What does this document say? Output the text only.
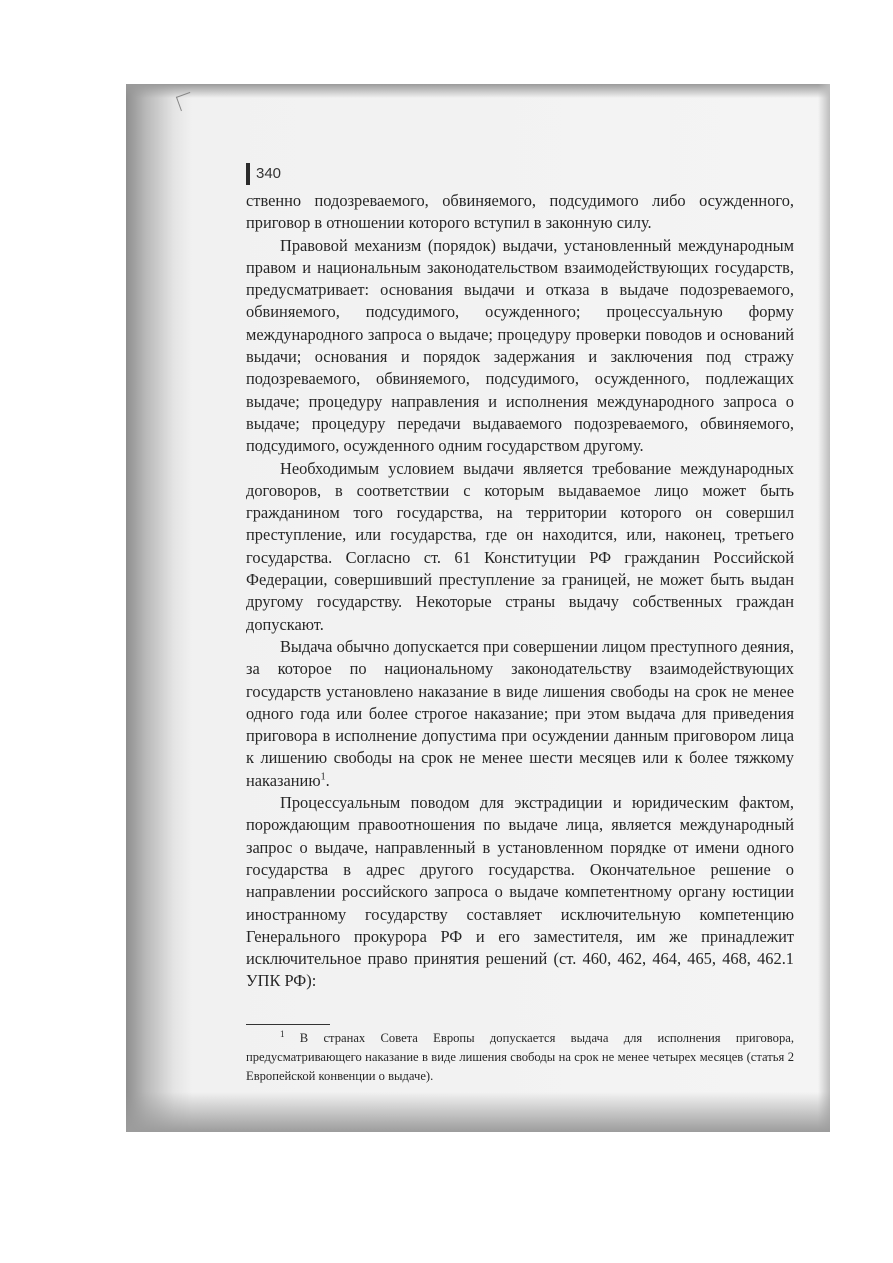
340

ственно подозреваемого, обвиняемого, подсудимого либо осужденного, приговор в отношении которого вступил в законную силу.

Правовой механизм (порядок) выдачи, установленный международным правом и национальным законодательством взаимодействующих государств, предусматривает: основания выдачи и отказа в выдаче подозреваемого, обвиняемого, подсудимого, осужденного; процессуальную форму международного запроса о выдаче; процедуру проверки поводов и оснований выдачи; основания и порядок задержания и заключения под стражу подозреваемого, обвиняемого, подсудимого, осужденного, подлежащих выдаче; процедуру направления и исполнения международного запроса о выдаче; процедуру передачи выдаваемого подозреваемого, обвиняемого, подсудимого, осужденного одним государством другому.

Необходимым условием выдачи является требование международных договоров, в соответствии с которым выдаваемое лицо может быть гражданином того государства, на территории которого он совершил преступление, или государства, где он находится, или, наконец, третьего государства. Согласно ст. 61 Конституции РФ гражданин Российской Федерации, совершивший преступление за границей, не может быть выдан другому государству. Некоторые страны выдачу собственных граждан допускают.

Выдача обычно допускается при совершении лицом преступного деяния, за которое по национальному законодательству взаимодействующих государств установлено наказание в виде лишения свободы на срок не менее одного года или более строгое наказание; при этом выдача для приведения приговора в исполнение допустима при осуждении данным приговором лица к лишению свободы на срок не менее шести месяцев или к более тяжкому наказанию$^1$.

Процессуальным поводом для экстрадиции и юридическим фактом, порождающим правоотношения по выдаче лица, является международный запрос о выдаче, направленный в установленном порядке от имени одного государства в адрес другого государства. Окончательное решение о направлении российского запроса о выдаче компетентному органу юстиции иностранному государству составляет исключительную компетенцию Генерального прокурора РФ и его заместителя, им же принадлежит исключительное право принятия решений (ст. 460, 462, 464, 465, 468, 462.1 УПК РФ):

$^1$ В странах Совета Европы допускается выдача для исполнения приговора, предусматривающего наказание в виде лишения свободы на срок не менее четырех месяцев (статья 2 Европейской конвенции о выдаче).
